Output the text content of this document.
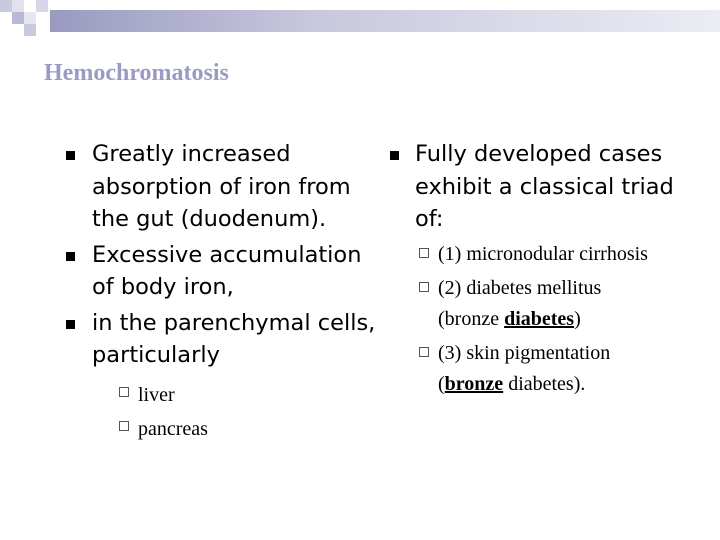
Hemochromatosis
Greatly increased
absorption of iron from
the gut (duodenum).
Excessive accumulation
of body iron,
in the parenchymal cells,
particularly
liver
pancreas
Fully developed cases
exhibit a classical triad
of:
(1) micronodular cirrhosis
(2) diabetes mellitus
(bronze diabetes)
(3) skin pigmentation
(bronze diabetes).
